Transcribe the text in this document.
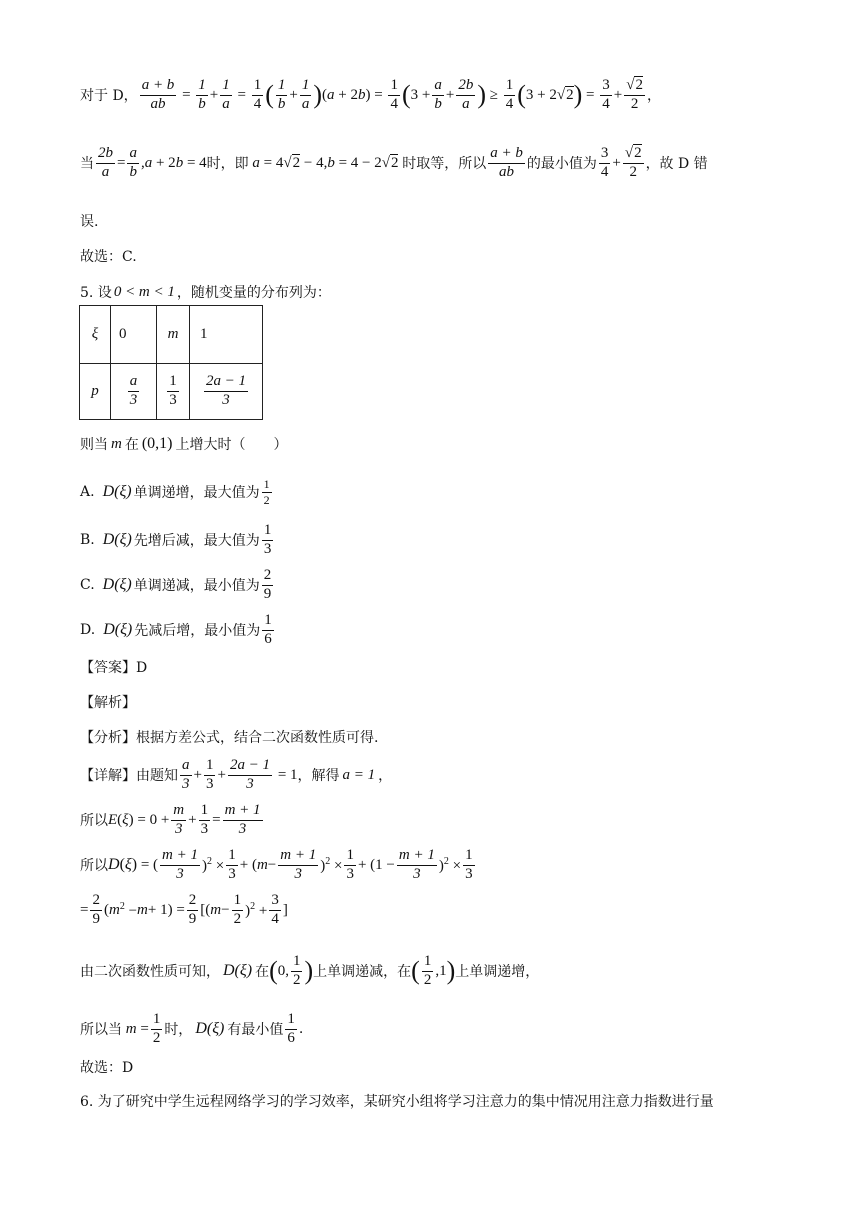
对于 D， $\frac{a + b}{ab} = \frac{1}{b} + \frac{1}{a} = \frac{1}{4}$ ( $\frac{1}{b} + \frac{1}{a}$ ) ( a + 2 b ) = $\frac{1}{4}$ ( $3 + \frac{a}{b} + \frac{2b}{a}$ ) ≥ $\frac{1}{4}$ ( 3 + 2√2 ) = $\frac{3}{4} + \frac{√2}{2}$ ，
当 $\frac{2b}{a} = \frac{a}{b}$ , a + 2 b = 4 时，即 a = 4√2 − 4, b = 4 − 2√2 时取等，所以 $\frac{a + b}{ab}$ 的最小值为 $\frac{3}{4} + \frac{√2}{2}$ ，故 D 错
误.
故选：C.
5. 设 0 < m < 1 ，随机变量的分布列为：
ξ	0	m	1
p	$\frac{a}{3}$	$\frac{1}{3}$	$\frac{2a - 1}{3}$
则当 m 在 (0,1) 上增大时（　　）
A. D(ξ) 单调递增，最大值为 $\frac{1}{2}$
B. D(ξ) 先增后减，最大值为 $\frac{1}{3}$
C. D(ξ) 单调递减，最小值为 $\frac{2}{9}$
D. D(ξ) 先减后增，最小值为 $\frac{1}{6}$
【答案】D
【解析】
【分析】根据方差公式，结合二次函数性质可得.
【详解】由题知 $\frac{a}{3} + \frac{1}{3} + \frac{2a - 1}{3} = 1$ ，解得 a = 1 ，
所以 E ( ξ ) = $0 + \frac{m}{3} + \frac{1}{3} = \frac{m + 1}{3}$
所以 D ( ξ ) = ( $\frac{m + 1}{3} )^2 \times \frac{1}{3}$ + ( $m - \frac{m + 1}{3} )^2 \times \frac{1}{3} + (1 - \frac{m + 1}{3} )^2 \times \frac{1}{3}$
= $\frac{2}{9}$ ( m $^2 - m + 1) = \frac{2}{9}$ [( $m - \frac{1}{2} )^2 + \frac{3}{4}$ ]
由二次函数性质可知， D(ξ) 在 ( 0, $\frac{1}{2}$ ) 上单调递减，在 ( $\frac{1}{2} ,1$ ) 上单调递增，
所以当 $m = \frac{1}{2}$ 时， D(ξ) 有最小值 $\frac{1}{6}$ .
故选：D
6. 为了研究中学生远程网络学习的学习效率，某研究小组将学习注意力的集中情况用注意力指数进行量
